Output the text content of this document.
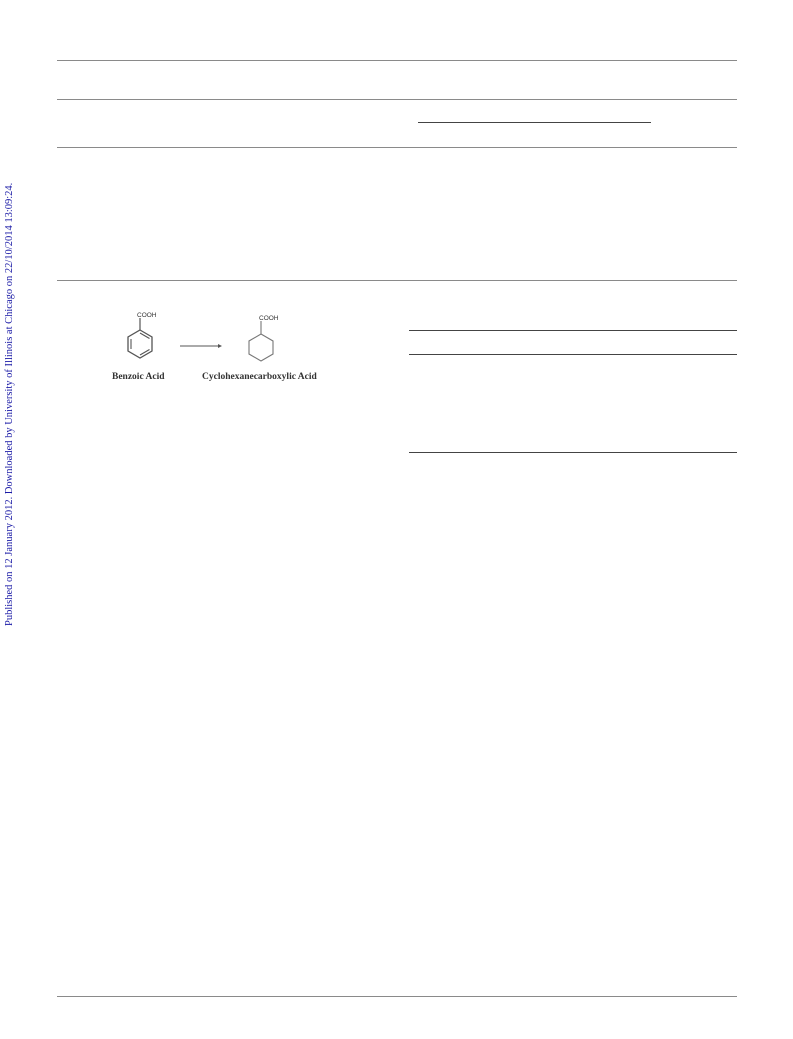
Published on 12 January 2012. Downloaded by University of Illinois at Chicago on 22/10/2014 13:09:24.	COOH	COOH
Benzoic Acid	Cyclohexanecarboxylic Acid
